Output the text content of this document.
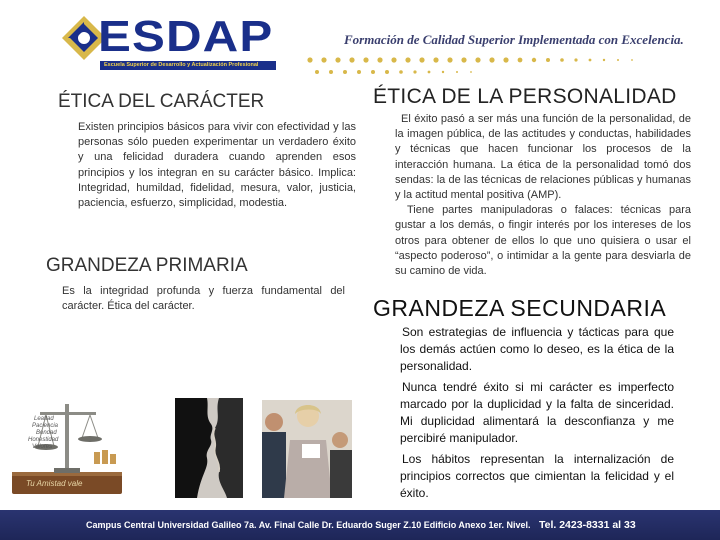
ESDAP
Escuela Superior de Desarrollo y Actualización Profesional
Formación de Calidad Superior Implementada con Excelencia.
ÉTICA DEL CARÁCTER
Existen principios básicos para vivir con efectividad y las personas sólo pueden experimentar un verdadero éxito y una felicidad duradera cuando aprenden esos principios y los integran en su carácter básico. Implica: Integridad, humildad, fidelidad, mesura, valor, justicia, paciencia, esfuerzo, simplicidad, modestia.
GRANDEZA PRIMARIA
Es la integridad profunda y fuerza fundamental del carácter. Ética del carácter.
Lealtad
Paciencia
Bondad
Honestidad
Valores
Tu Amistad vale
ÉTICA DE LA PERSONALIDAD

El éxito pasó a ser más una función de la personalidad, de la imagen pública, de las actitudes y conductas, habilidades y técnicas que hacen funcionar los procesos de la interacción humana. La ética de la personalidad tomó dos sendas: la de las técnicas de relaciones públicas y humanas y la actitud mental positiva (AMP).

Tiene partes manipuladoras o falaces: técnicas para gustar a los demás, o fingir interés por los intereses de los otros para obtener de ellos lo que uno quisiera o usar el “aspecto poderoso”, o intimidar a la gente para desviarla de su camino de vida.

GRANDEZA SECUNDARIA

Son estrategias de influencia y tácticas para que los demás actúen como lo deseo, es la ética de la personalidad.

Nunca tendré éxito si mi carácter es imperfecto marcado por la duplicidad y la falta de sinceridad. Mi duplicidad alimentará la desconfianza y me percibiré manipulador.

Los hábitos representan la internalización de principios correctos que cimientan la felicidad y el éxito.

Campus Central Universidad Galileo 7a. Av. Final Calle Dr. Eduardo Suger Z.10 Edificio Anexo 1er. Nivel. Tel. 2423-8331 al 33
